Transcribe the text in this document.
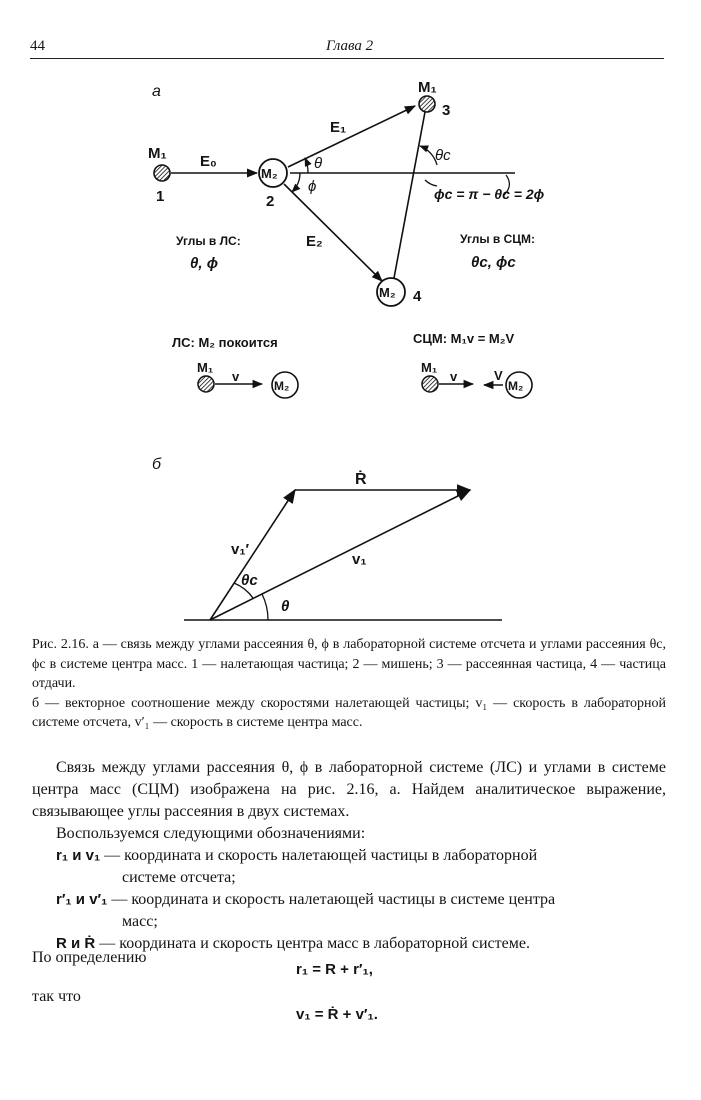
44	Глава 2
а
M₁
1
E₀
M₂
2
E₁
E₂
M₁
3
M₂ 4
θ
ϕ
θc
ϕc = π − θc = 2ϕ
Углы в ЛС:
θ, ϕ
Углы в СЦМ:
θc, ϕc
ЛС: M₂ покоится	СЦМ: M₁v = M₂V
M₁
v
M₂
M₁
v	V
M₂
б
Ṙ
v₁′
v₁
θc
θ

Рис. 2.16. а — связь между углами рассеяния θ, ϕ в лабораторной системе отсчета и углами рассеяния θc, ϕc в системе центра масс. 1 — налетающая частица; 2 — мишень; 3 — рассеянная частица, 4 — частица отдачи.

б — векторное соотношение между скоростями налетающей частицы; v₁ — скорость в лабораторной системе отсчета, v′₁ — скорость в системе центра масс.

Связь между углами рассеяния θ, ϕ в лабораторной системе (ЛС) и углами в системе центра масс (СЦМ) изображена на рис. 2.16, а. Найдем аналитическое выражение, связывающее углы рассеяния в двух системах.

Воспользуемся следующими обозначениями:

r₁ и v₁ — координата и скорость налетающей частицы в лабораторной

системе отсчета;

r′₁ и v′₁ — координата и скорость налетающей частицы в системе центра

масс;

R и Ṙ — координата и скорость центра масс в лабораторной системе.

По определению
r₁ = R + r′₁,
так что
v₁ = Ṙ + v′₁.
